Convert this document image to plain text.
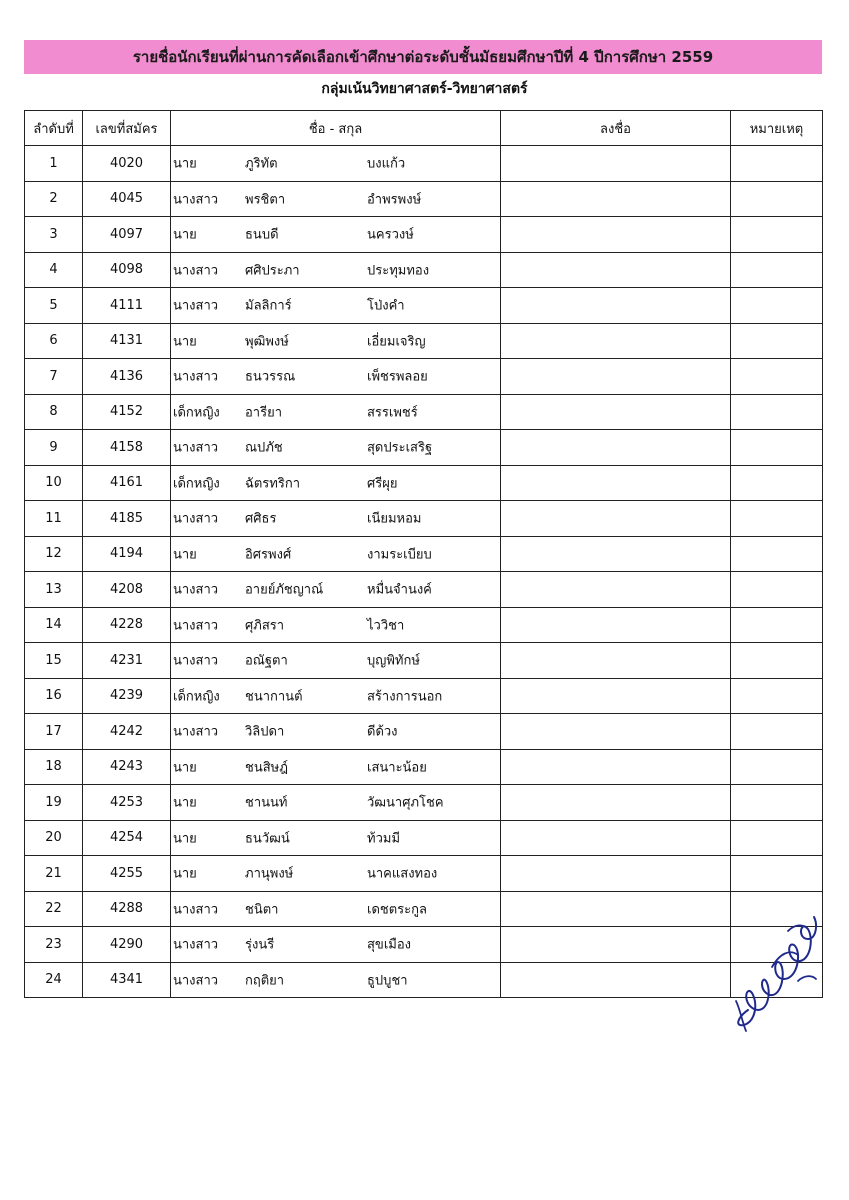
รายชื่อนักเรียนที่ผ่านการคัดเลือกเข้าศึกษาต่อระดับชั้นมัธยมศึกษาปีที่ 4 ปีการศึกษา 2559
กลุ่มเน้นวิทยาศาสตร์-วิทยาศาสตร์
ลำดับที่	เลขที่สมัคร	ชื่อ - สกุล	ลงชื่อ	หมายเหตุ
1	4020	นาย ภูริทัต บงแก้ว		

2	4045	นางสาว พรชิตา อำพรพงษ์		

3	4097	นาย ธนบดี นครวงษ์		

4	4098	นางสาว ศศิประภา ประทุมทอง		

5	4111	นางสาว มัลลิการ์ โป่งคำ		

6	4131	นาย พุฒิพงษ์ เอี่ยมเจริญ		

7	4136	นางสาว ธนวรรณ เพ็ชรพลอย		

8	4152	เด็กหญิง อารียา สรรเพชร์		

9	4158	นางสาว ณปภัช สุดประเสริฐ		

10	4161	เด็กหญิง ฉัตรทริกา ศรีผุย		

11	4185	นางสาว ศศิธร เนียมหอม		

12	4194	นาย อิศรพงศ์ งามระเบียบ		

13	4208	นางสาว อายย์ภัชญาณ์ หมื่นจำนงค์		

14	4228	นางสาว ศุภิสรา ไววิชา		

15	4231	นางสาว อณัฐตา บุญพิทักษ์		

16	4239	เด็กหญิง ชนากานต์ สร้างการนอก		

17	4242	นางสาว วิลิปดา ดีด้วง		

18	4243	นาย ชนสิษฎ์ เสนาะน้อย		

19	4253	นาย ชานนท์ วัฒนาศุภโชค		

20	4254	นาย ธนวัฒน์ ท้วมมี		

21	4255	นาย ภานุพงษ์ นาคแสงทอง		

22	4288	นางสาว ชนิตา เดชตระกูล		

23	4290	นางสาว รุ่งนรี สุขเมือง		

24	4341	นางสาว กฤติยา ธูปบูชา		
